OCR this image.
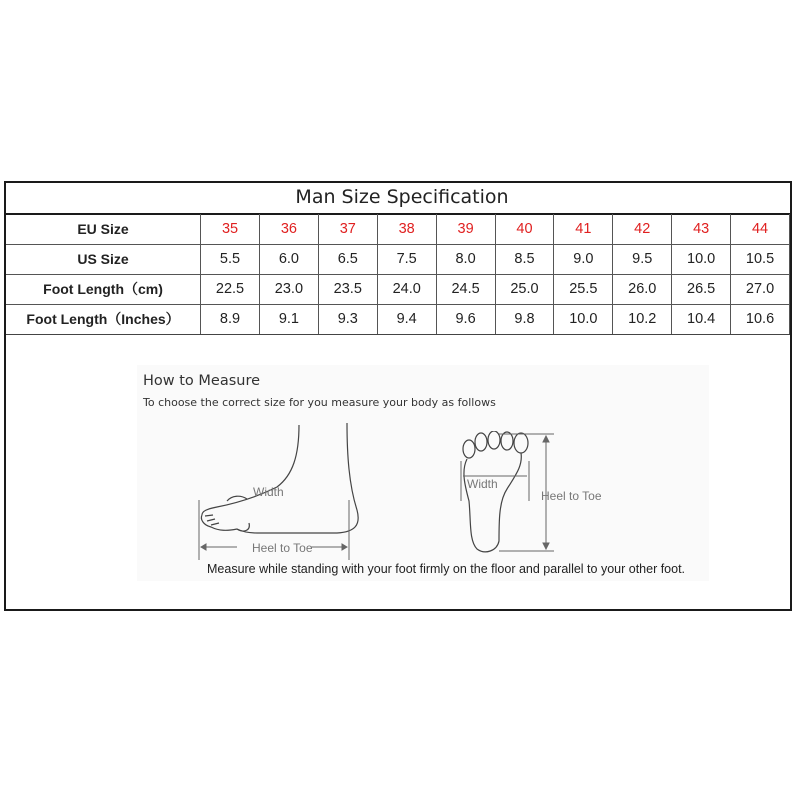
Man Size Specification
EU Size	35	36	37	38	39	40	41	42	43	44
US Size	5.5	6.0	6.5	7.5	8.0	8.5	9.0	9.5	10.0	10.5
Foot Length（cm)	22.5	23.0	23.5	24.0	24.5	25.0	25.5	26.0	26.5	27.0
Foot Length（Inches）	8.9	9.1	9.3	9.4	9.6	9.8	10.0	10.2	10.4	10.6
How to Measure
To choose the correct size for you measure your body as follows
Width
Heel to Toe
Width
Heel to Toe
Measure while standing with your foot firmly on the floor and parallel to your other foot.
